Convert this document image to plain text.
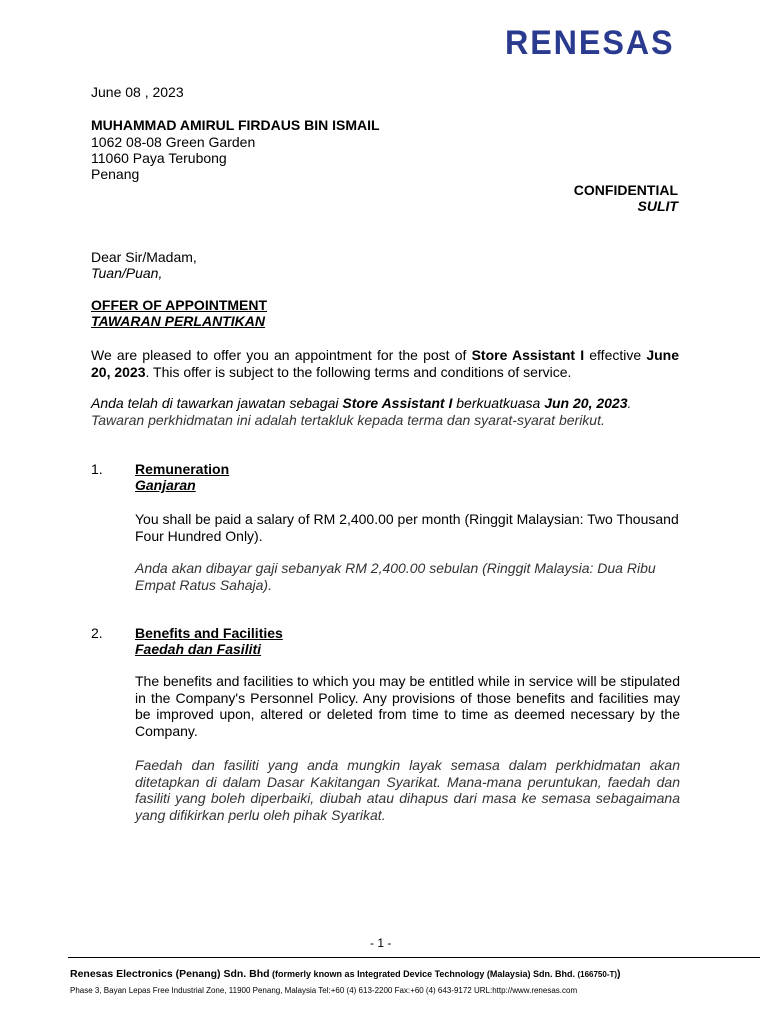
RENESAS
June 08 , 2023
MUHAMMAD AMIRUL FIRDAUS BIN ISMAIL
1062 08-08 Green Garden
11060 Paya Terubong
Penang
CONFIDENTIAL
SULIT
Dear Sir/Madam,
Tuan/Puan,
OFFER OF APPOINTMENT
TAWARAN PERLANTIKAN
We are pleased to offer you an appointment for the post of Store Assistant I effective June 20, 2023. This offer is subject to the following terms and conditions of service.
Anda telah di tawarkan jawatan sebagai Store Assistant I berkuatkuasa Jun 20, 2023. Tawaran perkhidmatan ini adalah tertakluk kepada terma dan syarat-syarat berikut.
1. Remuneration
Ganjaran
You shall be paid a salary of RM 2,400.00 per month (Ringgit Malaysian: Two Thousand Four Hundred Only).
Anda akan dibayar gaji sebanyak RM 2,400.00 sebulan (Ringgit Malaysia: Dua Ribu Empat Ratus Sahaja).
2. Benefits and Facilities
Faedah dan Fasiliti
The benefits and facilities to which you may be entitled while in service will be stipulated in the Company's Personnel Policy. Any provisions of those benefits and facilities may be improved upon, altered or deleted from time to time as deemed necessary by the Company.
Faedah dan fasiliti yang anda mungkin layak semasa dalam perkhidmatan akan ditetapkan di dalam Dasar Kakitangan Syarikat. Mana-mana peruntukan, faedah dan fasiliti yang boleh diperbaiki, diubah atau dihapus dari masa ke semasa sebagaimana yang difikirkan perlu oleh pihak Syarikat.
- 1 -
Renesas Electronics (Penang) Sdn. Bhd (formerly known as Integrated Device Technology (Malaysia) Sdn. Bhd. (166750-T))
Phase 3, Bayan Lepas Free Industrial Zone, 11900 Penang, Malaysia Tel:+60 (4) 613-2200 Fax:+60 (4) 643-9172 URL:http://www.renesas.com
